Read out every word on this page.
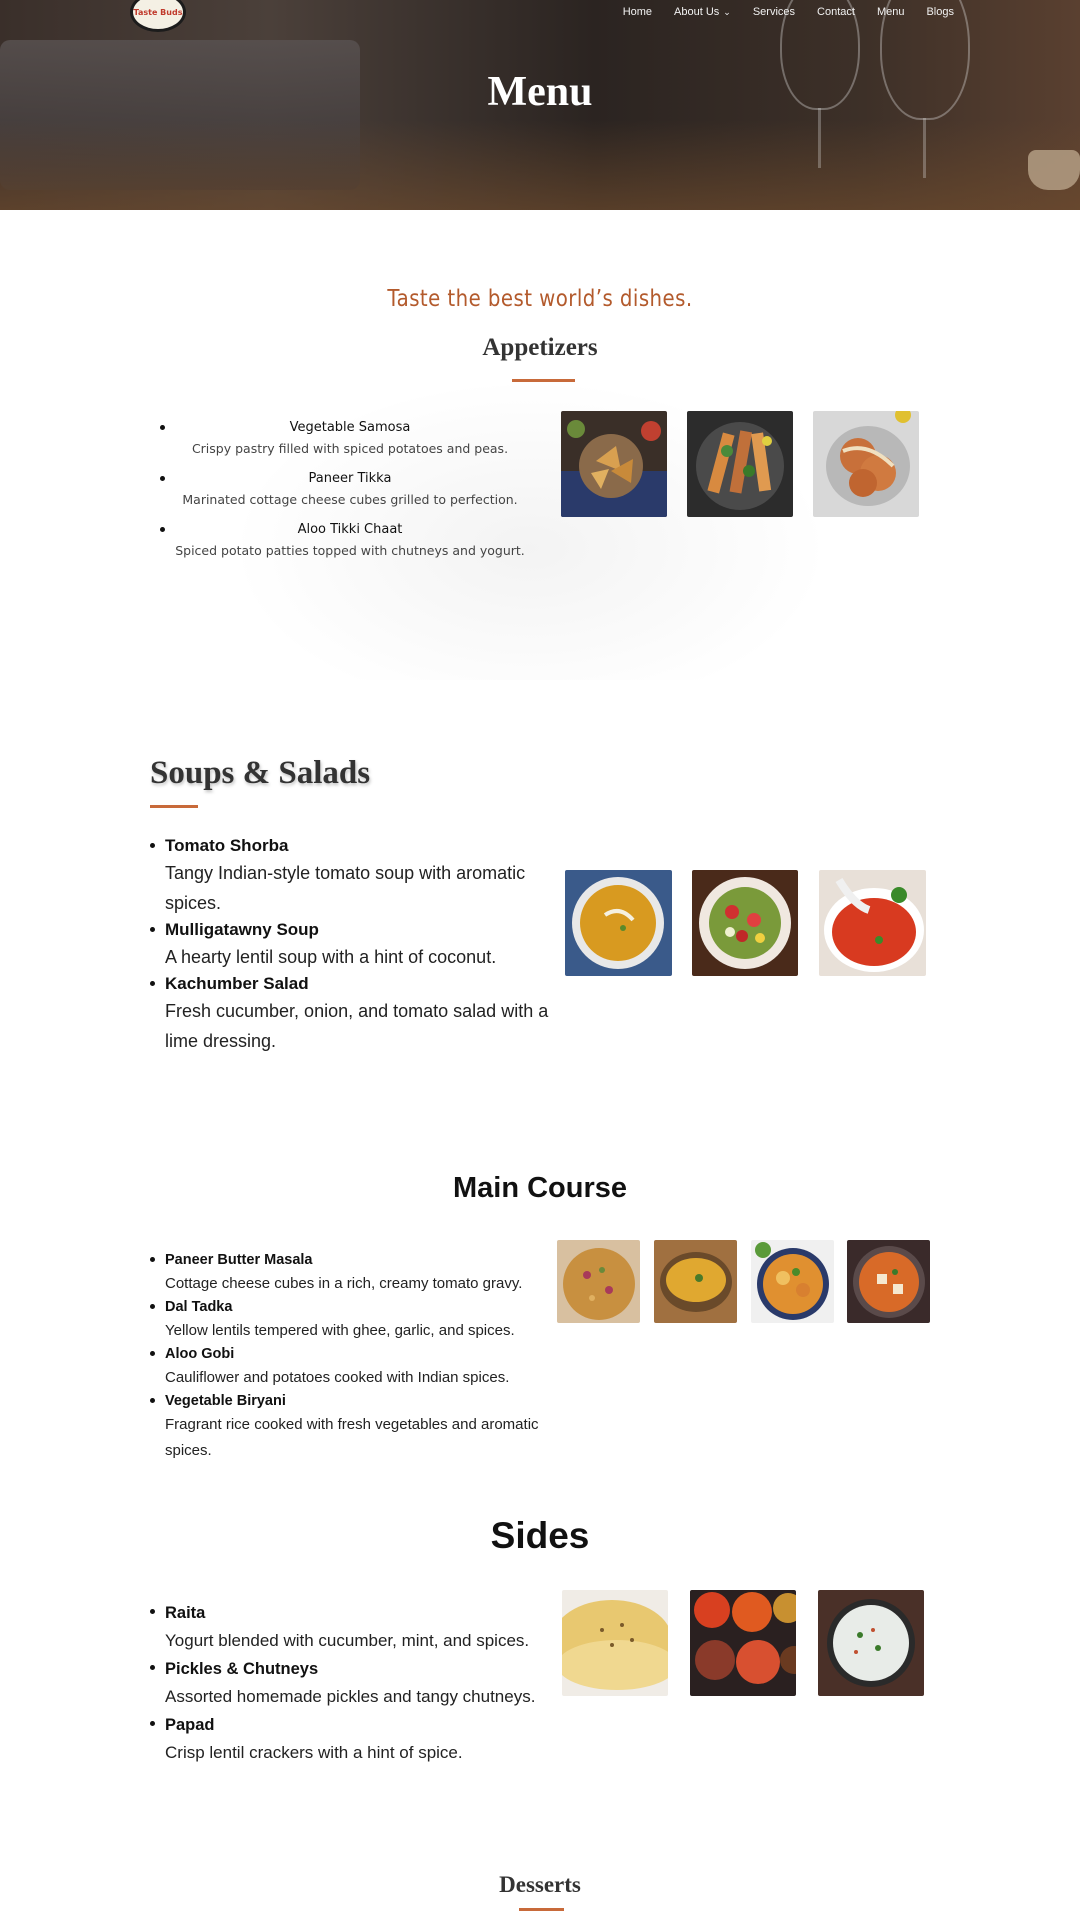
Taste Buds	Home About Us ⌄ Services Contact Menu Blogs
Menu
Taste the best world’s dishes.
Appetizers
Vegetable Samosa
Crispy pastry filled with spiced potatoes and peas.
Paneer Tikka
Marinated cottage cheese cubes grilled to perfection.
Aloo Tikki Chaat
Spiced potato patties topped with chutneys and yogurt.
Soups & Salads
Tomato Shorba
Tangy Indian-style tomato soup with aromatic spices.
Mulligatawny Soup
A hearty lentil soup with a hint of coconut.
Kachumber Salad
Fresh cucumber, onion, and tomato salad with a lime dressing.
Main Course
Paneer Butter Masala
Cottage cheese cubes in a rich, creamy tomato gravy.
Dal Tadka
Yellow lentils tempered with ghee, garlic, and spices.
Aloo Gobi
Cauliflower and potatoes cooked with Indian spices.
Vegetable Biryani
Fragrant rice cooked with fresh vegetables and aromatic spices.
Sides
Raita
Yogurt blended with cucumber, mint, and spices.
Pickles & Chutneys
Assorted homemade pickles and tangy chutneys.
Papad
Crisp lentil crackers with a hint of spice.
Desserts
